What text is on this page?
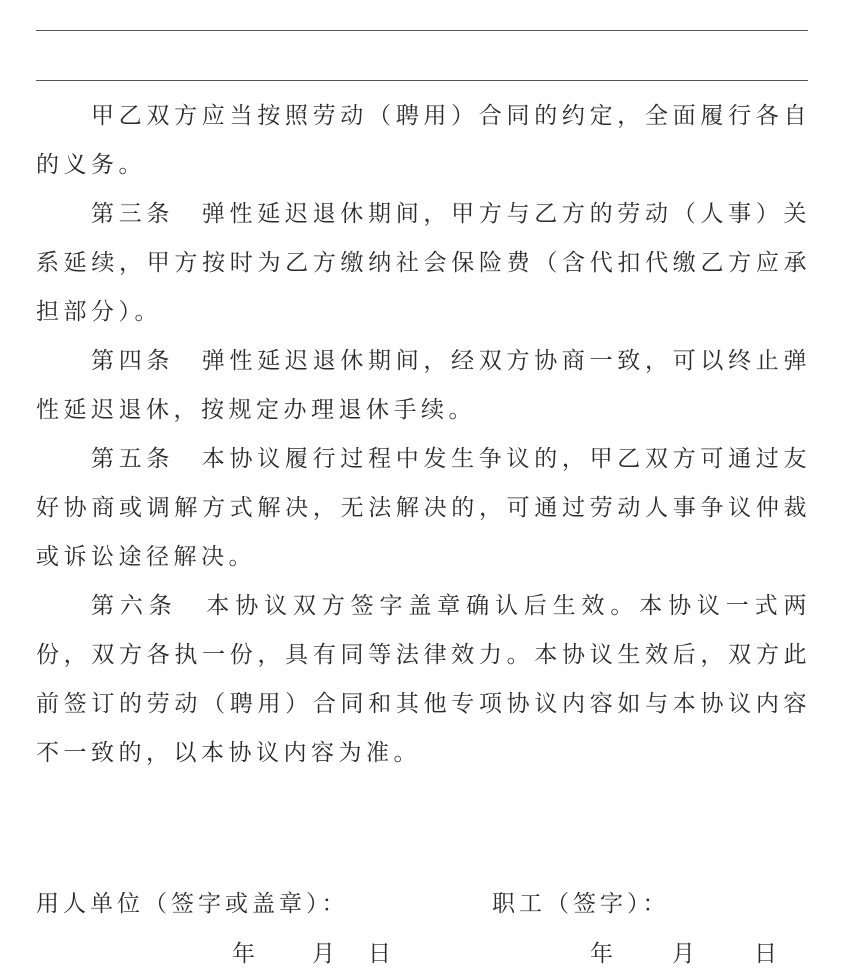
甲乙双方应当按照劳动（聘用）合同的约定，全面履行各自的义务。

第三条　弹性延迟退休期间，甲方与乙方的劳动（人事）关系延续，甲方按时为乙方缴纳社会保险费（含代扣代缴乙方应承担部分）。

第四条　弹性延迟退休期间，经双方协商一致，可以终止弹性延迟退休，按规定办理退休手续。

第五条　本协议履行过程中发生争议的，甲乙双方可通过友好协商或调解方式解决，无法解决的，可通过劳动人事争议仲裁或诉讼途径解决。

第六条　本协议双方签字盖章确认后生效。本协议一式两份，双方各执一份，具有同等法律效力。本协议生效后，双方此前签订的劳动（聘用）合同和其他专项协议内容如与本协议内容不一致的，以本协议内容为准。

用人单位（签字或盖章）：	职工（签字）：
年 月 日	年	月	日
